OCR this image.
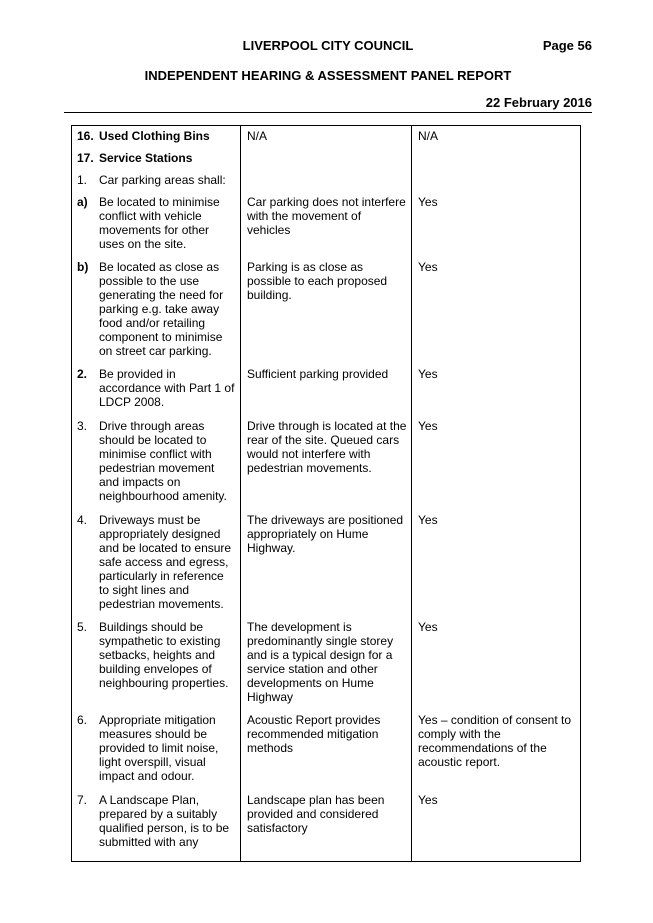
LIVERPOOL CITY COUNCIL	Page 56
INDEPENDENT HEARING & ASSESSMENT PANEL REPORT
22 February 2016
16. Used Clothing Bins	N/A	N/A

17. Service Stations		

1. Car parking areas shall:		

a) Be located to minimise conflict with vehicle movements for other uses on the site.	Car parking does not interfere with the movement of vehicles	Yes

b) Be located as close as possible to the use generating the need for parking e.g. take away food and/or retailing component to minimise on street car parking.	Parking is as close as possible to each proposed building.	Yes

2. Be provided in accordance with Part 1 of LDCP 2008.	Sufficient parking provided	Yes

3. Drive through areas should be located to minimise conflict with pedestrian movement and impacts on neighbourhood amenity.	Drive through is located at the rear of the site. Queued cars would not interfere with pedestrian movements.	Yes

4. Driveways must be appropriately designed and be located to ensure safe access and egress, particularly in reference to sight lines and pedestrian movements.	The driveways are positioned appropriately on Hume Highway.	Yes

5. Buildings should be sympathetic to existing setbacks, heights and building envelopes of neighbouring properties.	The development is predominantly single storey and is a typical design for a service station and other developments on Hume Highway	Yes

6. Appropriate mitigation measures should be provided to limit noise, light overspill, visual impact and odour.	Acoustic Report provides recommended mitigation methods	Yes – condition of consent to comply with the recommendations of the acoustic report.

7. A Landscape Plan, prepared by a suitably qualified person, is to be submitted with any	Landscape plan has been provided and considered satisfactory	Yes
